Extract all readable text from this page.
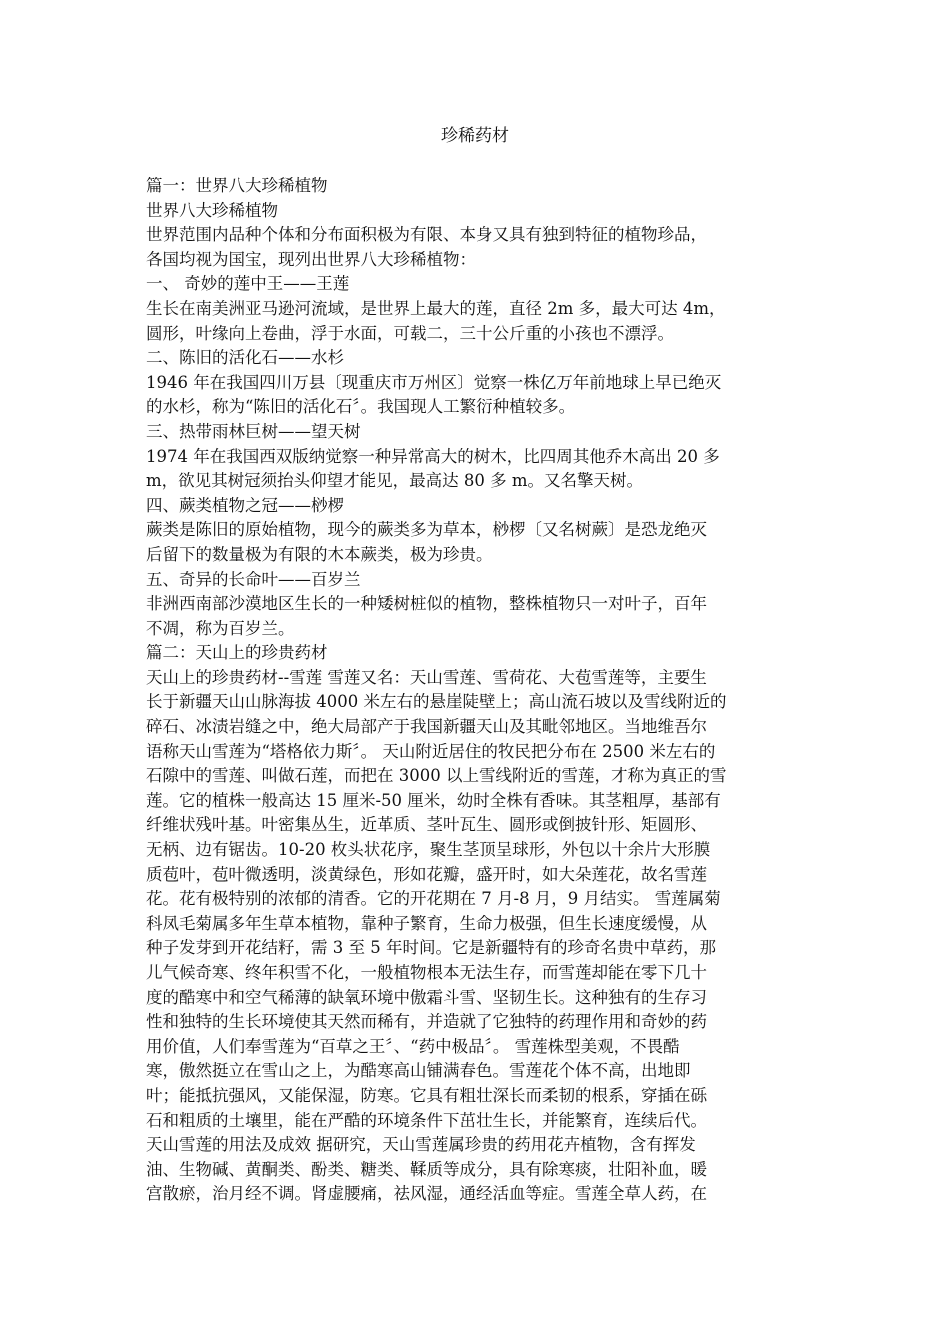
珍稀药材

篇一：世界八大珍稀植物

世界八大珍稀植物

世界范围内品种个体和分布面积极为有限、本身又具有独到特征的植物珍品，

各国均视为国宝，现列出世界八大珍稀植物：

一、 奇妙的莲中王——王莲

生长在南美洲亚马逊河流域，是世界上最大的莲，直径 2m 多，最大可达 4m，

圆形，叶缘向上卷曲，浮于水面，可载二，三十公斤重的小孩也不漂浮。

二、陈旧的活化石——水杉

1946 年在我国四川万县〔现重庆市万州区〕觉察一株亿万年前地球上早已绝灭

的水杉，称为“陈旧的活化石〞。我国现人工繁衍种植较多。

三、热带雨林巨树——望天树

1974 年在我国西双版纳觉察一种异常高大的树木，比四周其他乔木高出 20 多

m，欲见其树冠须抬头仰望才能见，最高达 80 多 m。又名擎天树。

四、蕨类植物之冠——桫椤

蕨类是陈旧的原始植物，现今的蕨类多为草本，桫椤〔又名树蕨〕是恐龙绝灭

后留下的数量极为有限的木本蕨类，极为珍贵。

五、奇异的长命叶——百岁兰

非洲西南部沙漠地区生长的一种矮树桩似的植物，整株植物只一对叶子，百年

不凋，称为百岁兰。

篇二：天山上的珍贵药材

天山上的珍贵药材--雪莲 雪莲又名：天山雪莲、雪荷花、大苞雪莲等，主要生

长于新疆天山山脉海拔 4000 米左右的悬崖陡壁上；高山流石坡以及雪线附近的

碎石、冰渍岩缝之中，绝大局部产于我国新疆天山及其毗邻地区。当地维吾尔

语称天山雪莲为“塔格依力斯〞。 天山附近居住的牧民把分布在 2500 米左右的

石隙中的雪莲、叫做石莲，而把在 3000 以上雪线附近的雪莲，才称为真正的雪

莲。它的植株一般高达 15 厘米-50 厘米，幼时全株有香味。其茎粗厚，基部有

纤维状残叶基。叶密集丛生，近革质、茎叶瓦生、圆形或倒披针形、矩圆形、

无柄、边有锯齿。10-20 枚头状花序，聚生茎顶呈球形，外包以十余片大形膜

质苞叶，苞叶微透明，淡黄绿色，形如花瓣，盛开时，如大朵莲花，故名雪莲

花。花有极特别的浓郁的清香。它的开花期在 7 月-8 月，9 月结实。 雪莲属菊

科凤毛菊属多年生草本植物，靠种子繁育，生命力极强，但生长速度缓慢，从

种子发芽到开花结籽，需 3 至 5 年时间。它是新疆特有的珍奇名贵中草药，那

儿气候奇寒、终年积雪不化，一般植物根本无法生存，而雪莲却能在零下几十

度的酷寒中和空气稀薄的缺氧环境中傲霜斗雪、坚韧生长。这种独有的生存习

性和独特的生长环境使其天然而稀有，并造就了它独特的药理作用和奇妙的药

用价值，人们奉雪莲为“百草之王〞、“药中极品〞。 雪莲株型美观，不畏酷

寒，傲然挺立在雪山之上，为酷寒高山铺满春色。雪莲花个体不高，出地即

叶；能抵抗强风，又能保湿，防寒。它具有粗壮深长而柔韧的根系，穿插在砾

石和粗质的土壤里，能在严酷的环境条件下茁壮生长，并能繁育，连续后代。

天山雪莲的用法及成效 据研究，天山雪莲属珍贵的药用花卉植物，含有挥发

油、生物碱、黄酮类、酚类、糖类、鞣质等成分，具有除寒痰，壮阳补血，暖

宫散瘀，治月经不调。肾虚腰痛，祛风湿，通经活血等症。雪莲全草人药，在
